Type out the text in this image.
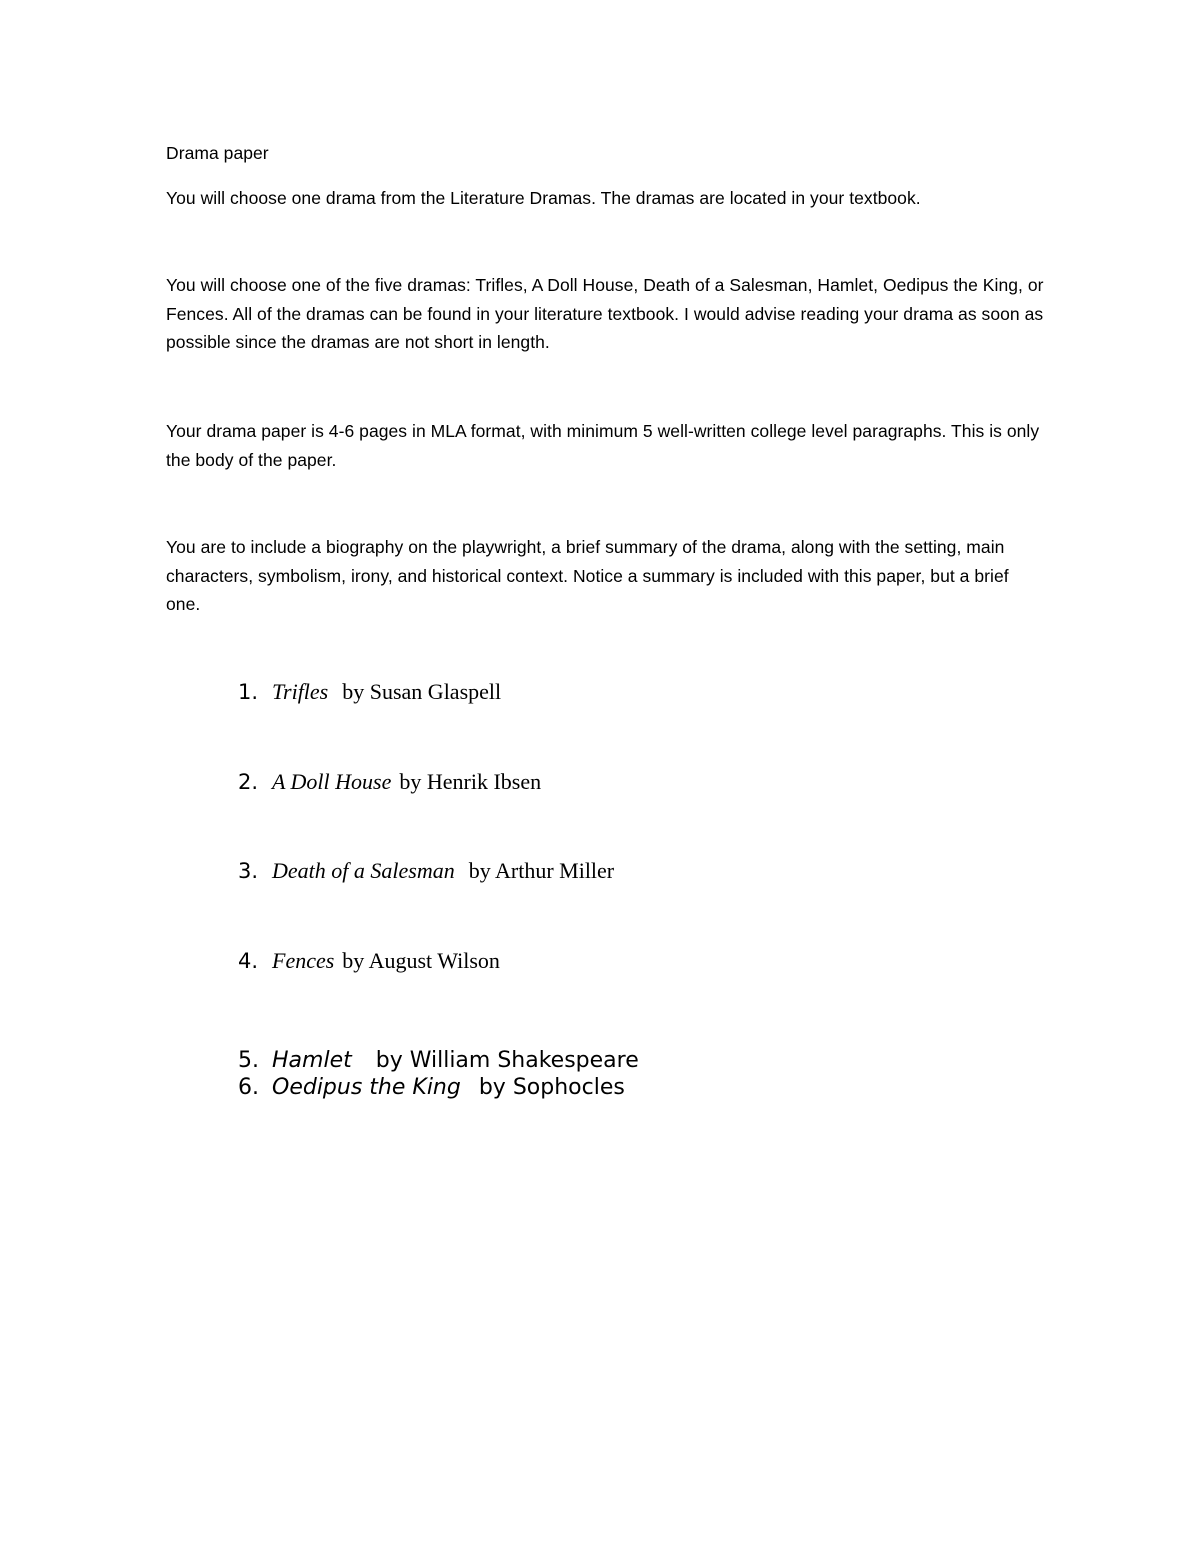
Drama paper

You will choose one drama from the Literature Dramas. The dramas are located in your textbook.

You will choose one of the five dramas: Trifles, A Doll House, Death of a Salesman, Hamlet, Oedipus the King, or Fences. All of the dramas can be found in your literature textbook. I would advise reading your drama as soon as possible since the dramas are not short in length.

Your drama paper is 4-6 pages in MLA format, with minimum 5 well-written college level paragraphs. This is only the body of the paper.

You are to include a biography on the playwright, a brief summary of the drama, along with the setting, main characters, symbolism, irony, and historical context. Notice a summary is included with this paper, but a brief one.

1. Trifles by Susan Glaspell
2. A Doll House by Henrik Ibsen
3. Death of a Salesman by Arthur Miller
4. Fences by August Wilson
5. Hamlet by William Shakespeare
6. Oedipus the King by Sophocles
